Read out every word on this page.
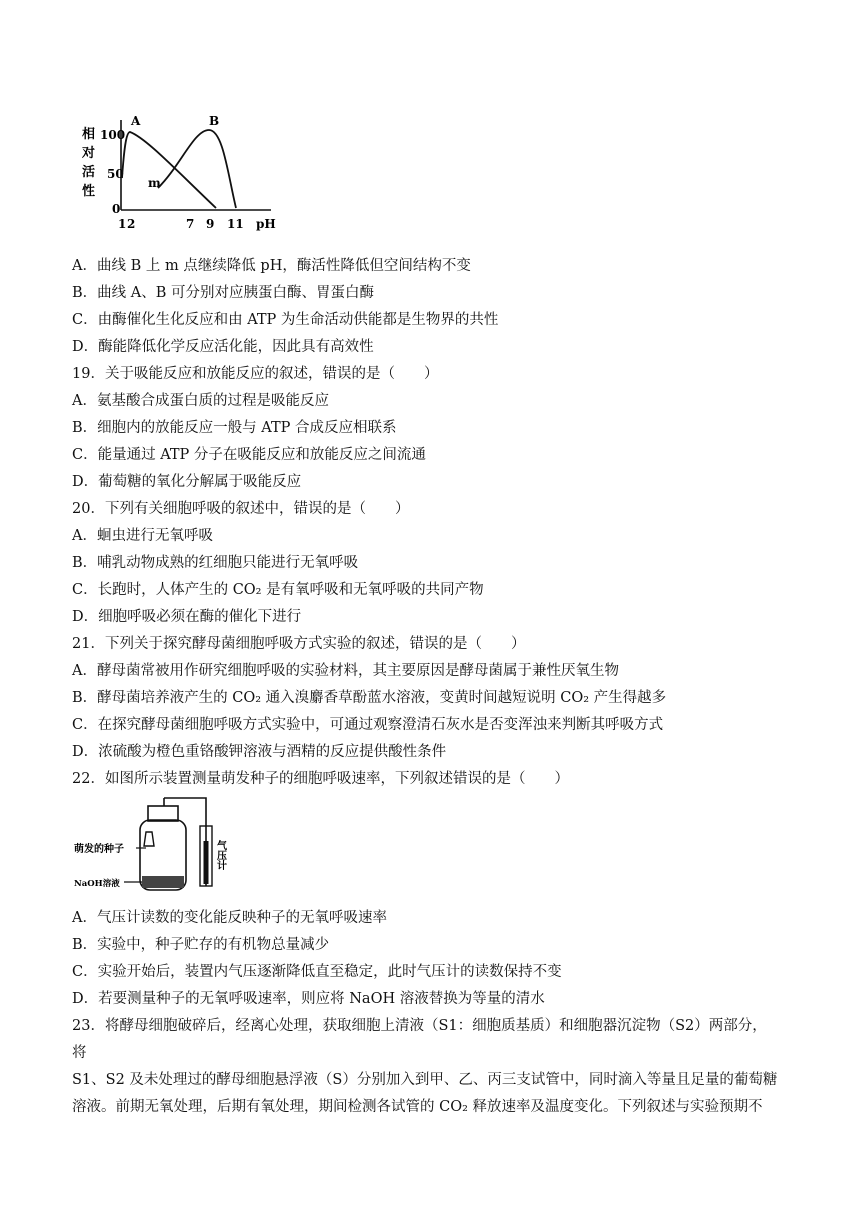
相
对
活
性
100
50
0
1 2	7 9 11 pH
A	B
m
A．曲线 B 上 m 点继续降低 pH，酶活性降低但空间结构不变
B．曲线 A、B 可分别对应胰蛋白酶、胃蛋白酶
C．由酶催化生化反应和由 ATP 为生命活动供能都是生物界的共性
D．酶能降低化学反应活化能，因此具有高效性
19．关于吸能反应和放能反应的叙述，错误的是（　　）
A．氨基酸合成蛋白质的过程是吸能反应
B．细胞内的放能反应一般与 ATP 合成反应相联系
C．能量通过 ATP 分子在吸能反应和放能反应之间流通
D．葡萄糖的氧化分解属于吸能反应
20．下列有关细胞呼吸的叙述中，错误的是（　　）
A．蛔虫进行无氧呼吸
B．哺乳动物成熟的红细胞只能进行无氧呼吸
C．长跑时，人体产生的 CO₂ 是有氧呼吸和无氧呼吸的共同产物
D．细胞呼吸必须在酶的催化下进行
21．下列关于探究酵母菌细胞呼吸方式实验的叙述，错误的是（　　）
A．酵母菌常被用作研究细胞呼吸的实验材料，其主要原因是酵母菌属于兼性厌氧生物
B．酵母菌培养液产生的 CO₂ 通入溴麝香草酚蓝水溶液，变黄时间越短说明 CO₂ 产生得越多
C．在探究酵母菌细胞呼吸方式实验中，可通过观察澄清石灰水是否变浑浊来判断其呼吸方式
D．浓硫酸为橙色重铬酸钾溶液与酒精的反应提供酸性条件
22．如图所示装置测量萌发种子的细胞呼吸速率，下列叙述错误的是（　　）
萌发的种子
NaOH溶液
气压计
A．气压计读数的变化能反映种子的无氧呼吸速率
B．实验中，种子贮存的有机物总量减少
C．实验开始后，装置内气压逐渐降低直至稳定，此时气压计的读数保持不变
D．若要测量种子的无氧呼吸速率，则应将 NaOH 溶液替换为等量的清水
23．将酵母细胞破碎后，经离心处理，获取细胞上清液（S1：细胞质基质）和细胞器沉淀物（S2）两部分，
将
S1、S2 及未处理过的酵母细胞悬浮液（S）分别加入到甲、乙、丙三支试管中，同时滴入等量且足量的葡萄糖
溶液。前期无氧处理，后期有氧处理，期间检测各试管的 CO₂ 释放速率及温度变化。下列叙述与实验预期不
